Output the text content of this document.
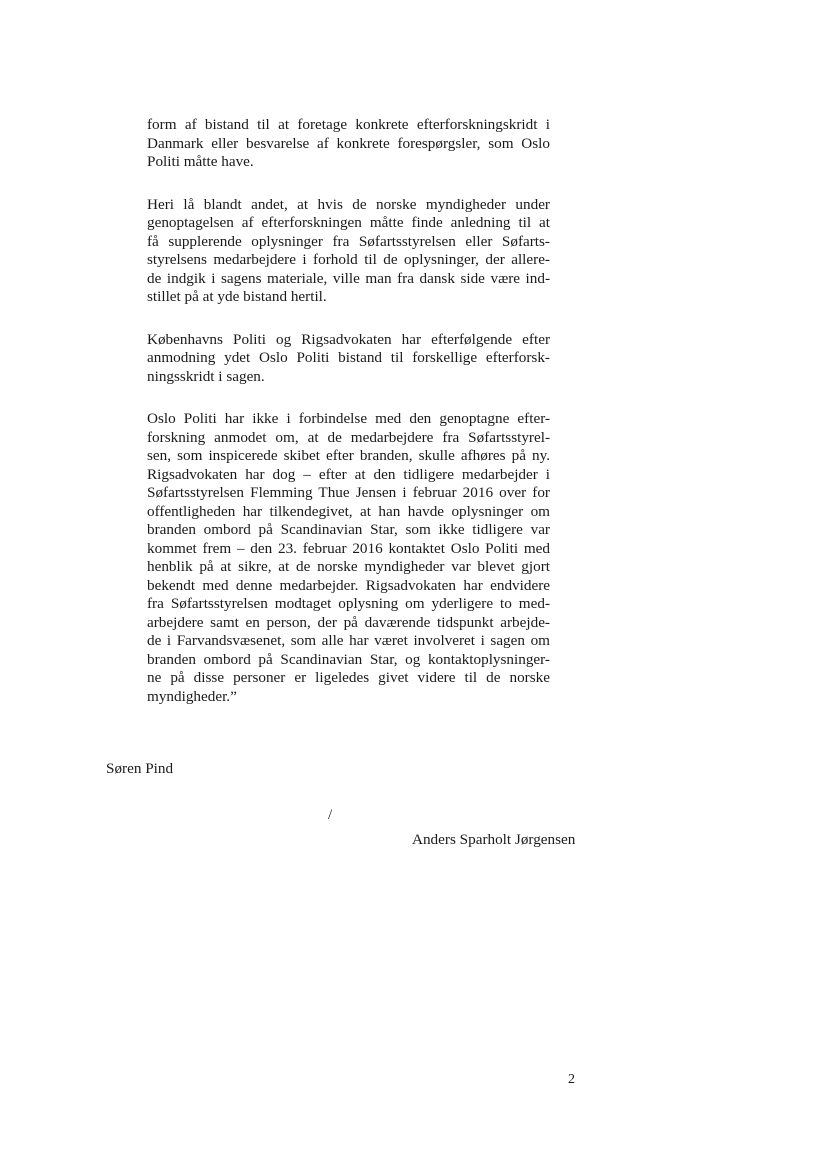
form af bistand til at foretage konkrete efterforskningskridt i
Danmark eller besvarelse af konkrete forespørgsler, som Oslo
Politi måtte have.

Heri lå blandt andet, at hvis de norske myndigheder under
genoptagelsen af efterforskningen måtte finde anledning til at
få supplerende oplysninger fra Søfartsstyrelsen eller Søfarts-
styrelsens medarbejdere i forhold til de oplysninger, der allere-
de indgik i sagens materiale, ville man fra dansk side være ind-
stillet på at yde bistand hertil.

Københavns Politi og Rigsadvokaten har efterfølgende efter
anmodning ydet Oslo Politi bistand til forskellige efterforsk-
ningsskridt i sagen.

Oslo Politi har ikke i forbindelse med den genoptagne efter-
forskning anmodet om, at de medarbejdere fra Søfartsstyrel-
sen, som inspicerede skibet efter branden, skulle afhøres på ny.
Rigsadvokaten har dog – efter at den tidligere medarbejder i
Søfartsstyrelsen Flemming Thue Jensen i februar 2016 over for
offentligheden har tilkendegivet, at han havde oplysninger om
branden ombord på Scandinavian Star, som ikke tidligere var
kommet frem – den 23. februar 2016 kontaktet Oslo Politi med
henblik på at sikre, at de norske myndigheder var blevet gjort
bekendt med denne medarbejder. Rigsadvokaten har endvidere
fra Søfartsstyrelsen modtaget oplysning om yderligere to med-
arbejdere samt en person, der på daværende tidspunkt arbejde-
de i Farvandsvæsenet, som alle har været involveret i sagen om
branden ombord på Scandinavian Star, og kontaktoplysninger-
ne på disse personer er ligeledes givet videre til de norske
myndigheder.”

Søren Pind
/
Anders Sparholt Jørgensen
2
